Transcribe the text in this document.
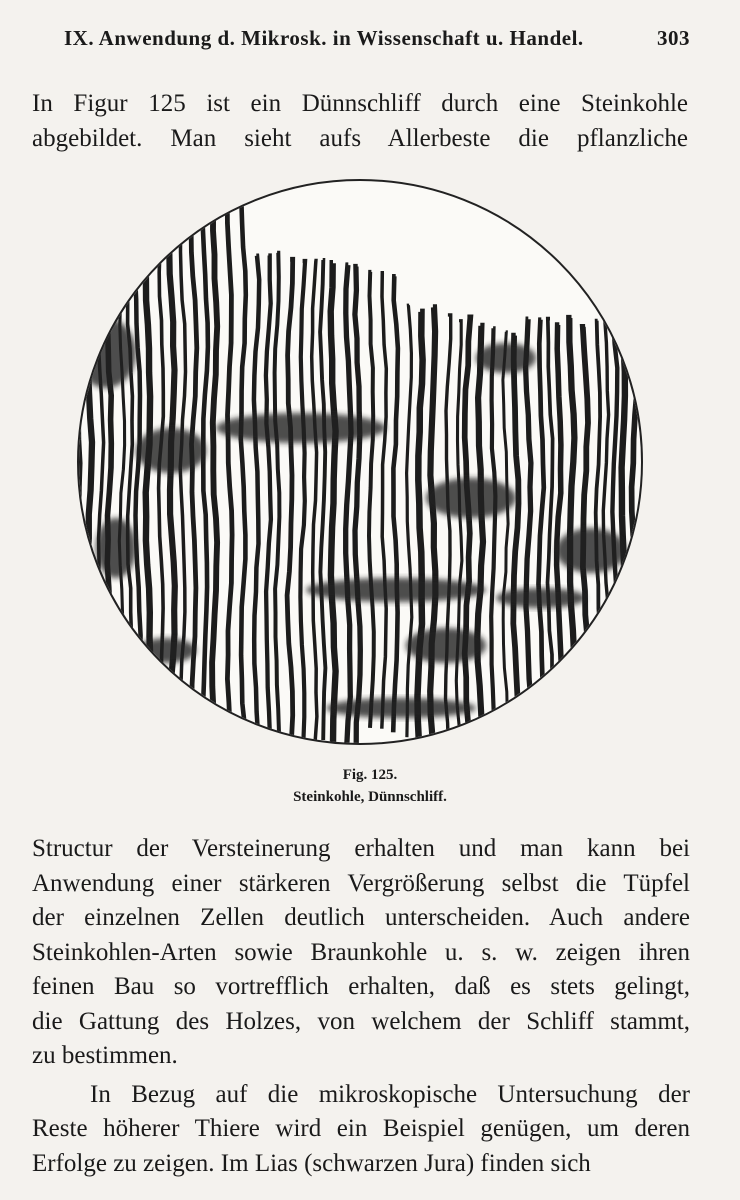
IX. Anwendung d. Mikrosk. in Wissenschaft u. Handel.	303
In Figur 125 ist ein Dünnschliff durch eine Steinkohle
abgebildet. Man sieht aufs Allerbeste die pflanzliche
Fig. 125.
Steinkohle, Dünnschliff.
Structur der Versteinerung erhalten und man kann bei
Anwendung einer stärkeren Vergrößerung selbst die Tüpfel
der einzelnen Zellen deutlich unterscheiden. Auch andere
Steinkohlen-Arten sowie Braunkohle u. s. w. zeigen ihren
feinen Bau so vortrefflich erhalten, daß es stets gelingt,
die Gattung des Holzes, von welchem der Schliff stammt,
zu bestimmen.
In Bezug auf die mikroskopische Untersuchung der
Reste höherer Thiere wird ein Beispiel genügen, um deren
Erfolge zu zeigen. Im Lias (schwarzen Jura) finden sich
